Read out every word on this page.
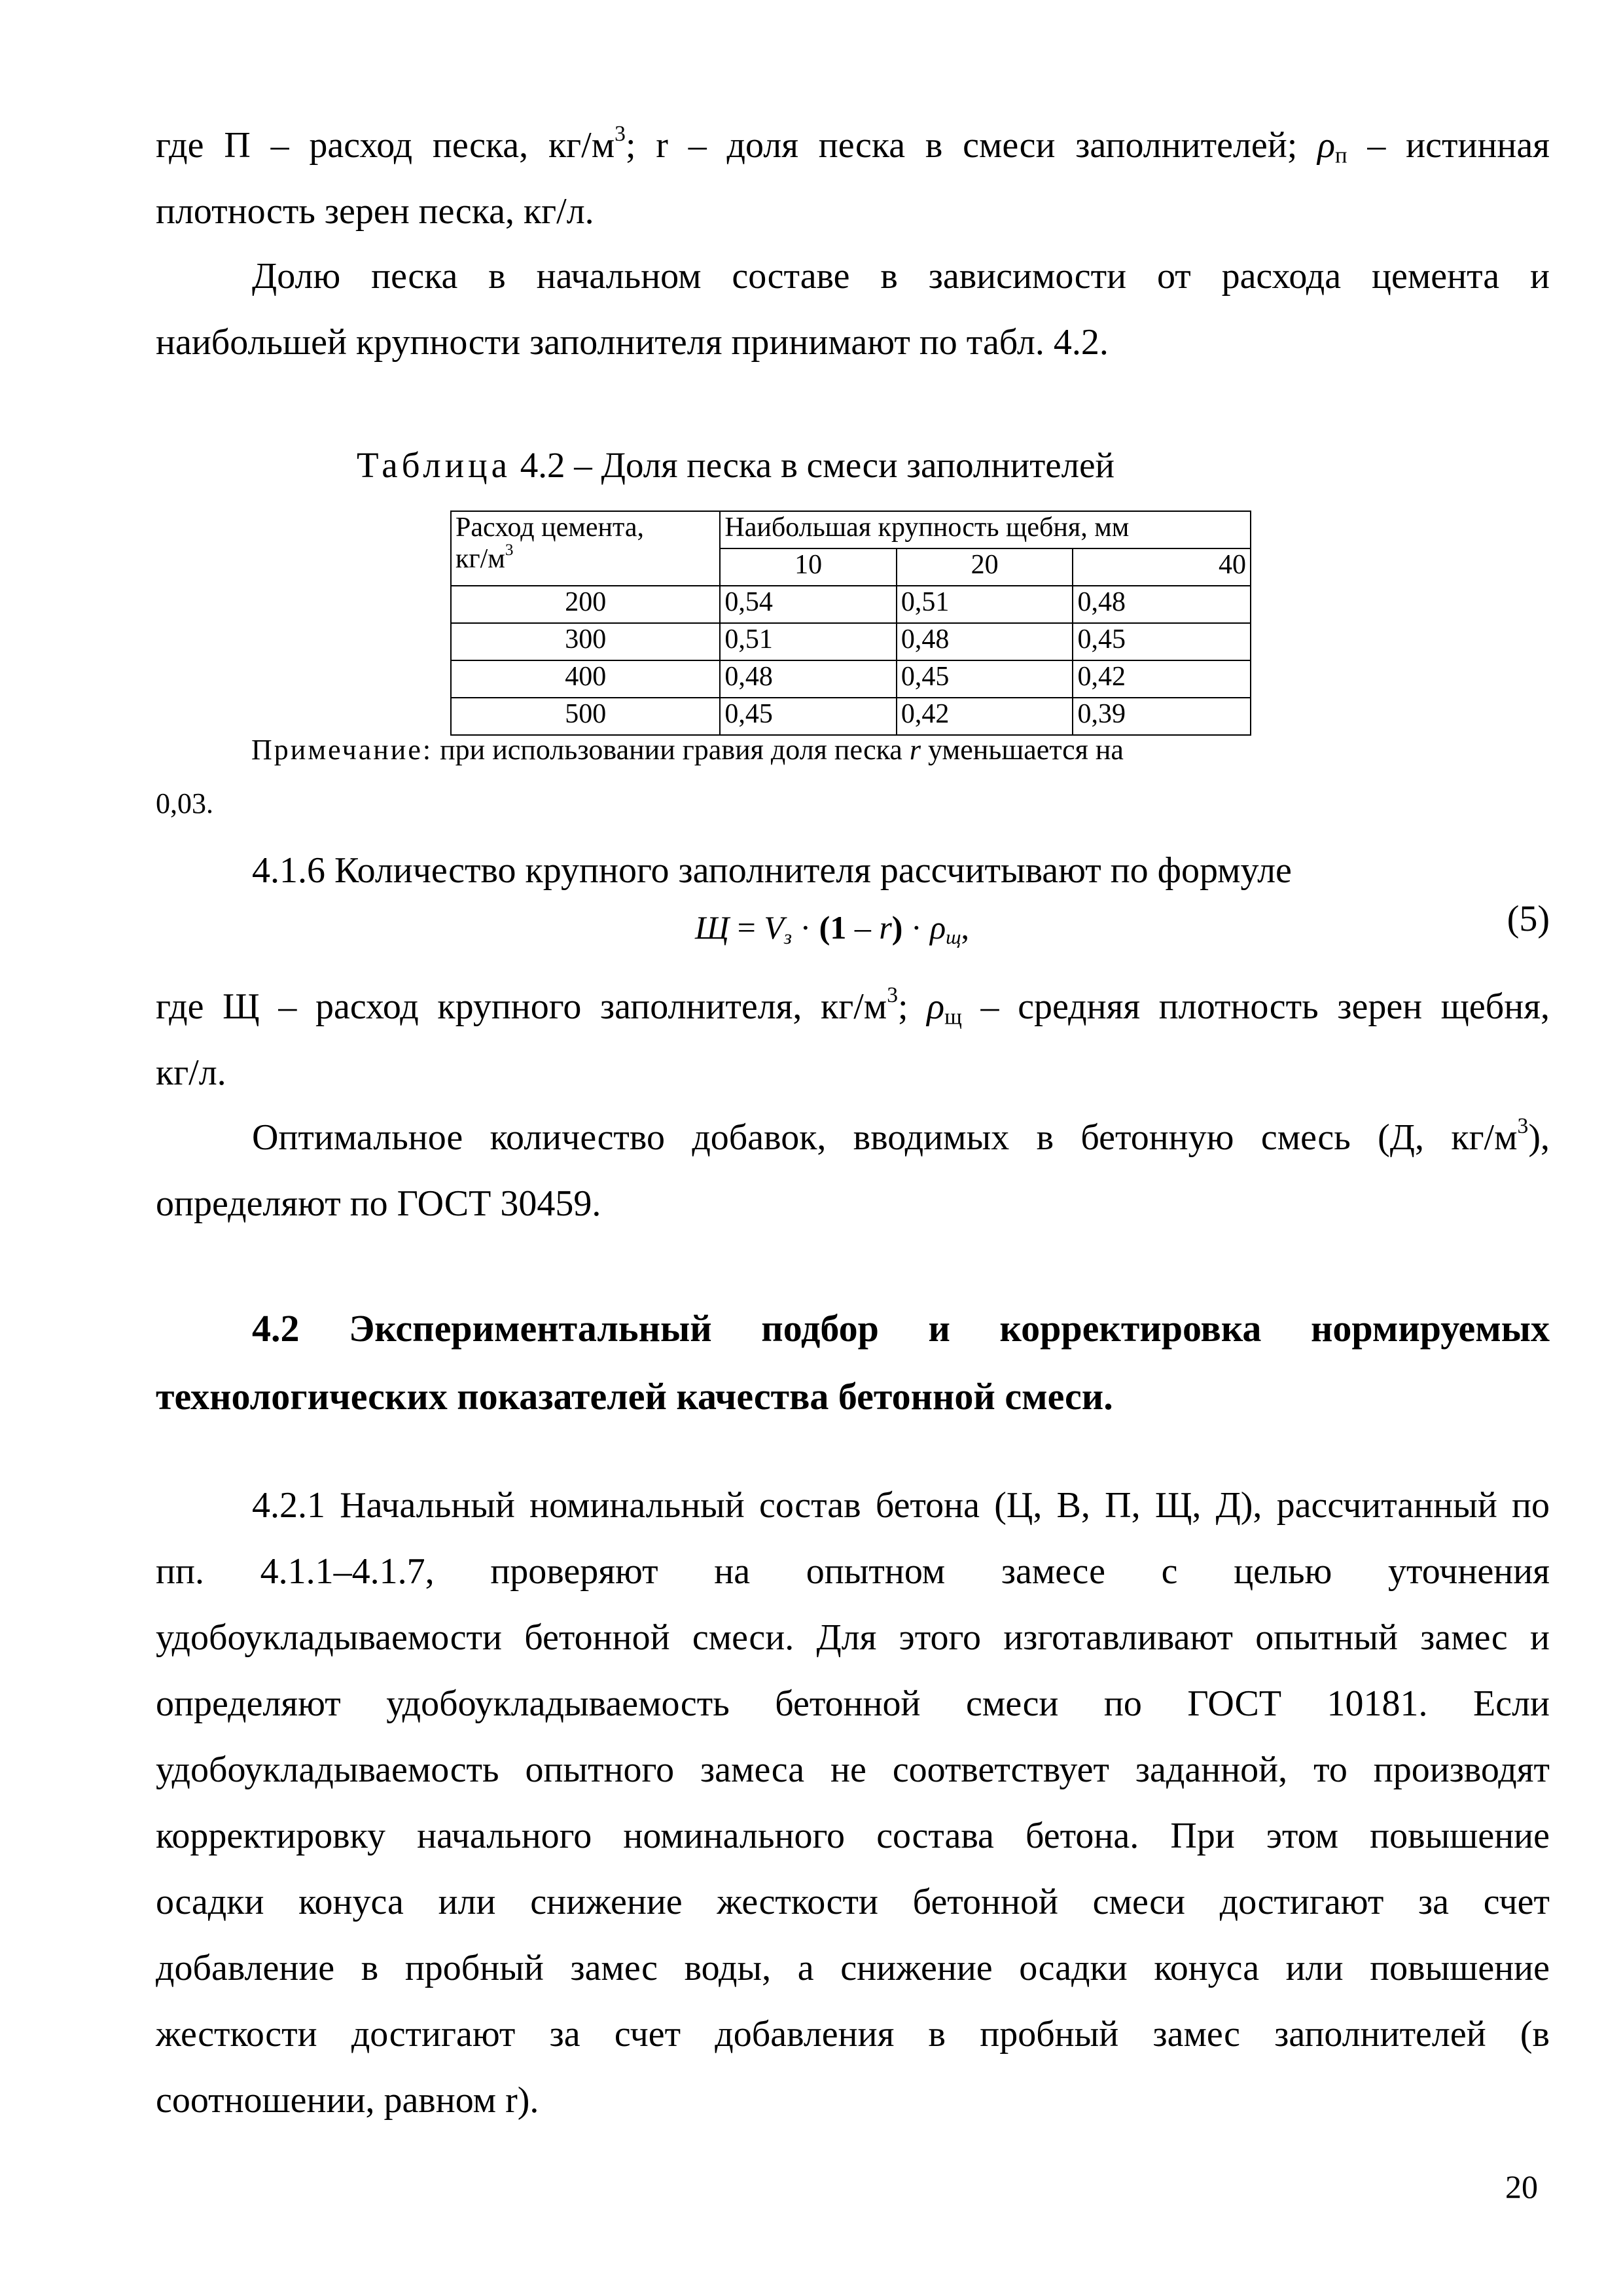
где П – расход песка, $кг/м^3$; r – доля песка в смеси заполнителей; $\rho_п$ – истинная

плотность зерен песка, кг/л.

Долю песка в начальном составе в зависимости от расхода цемента и

наибольшей крупности заполнителя принимают по табл. 4.2.

Таблица 4.2 – Доля песка в смеси заполнителей
Расход цемента,
$кг/м^3$	Наибольшая крупность щебня, мм		
	10	20	40
200	0,54	0,51	0,48
300	0,51	0,48	0,45
400	0,48	0,45	0,42
500	0,45	0,42	0,39
Примечание: при использовании гравия доля песка r уменьшается на
0,03.

4.1.6 Количество крупного заполнителя рассчитывают по формуле

$Щ = V_з \cdot (1 - r) \cdot \rho_щ$,	(5)

где Щ – расход крупного заполнителя, $кг/м^3$; $\rho_щ$ – средняя плотность зерен щебня,

кг/л.

Оптимальное количество добавок, вводимых в бетонную смесь (Д, $кг/м^3$),

определяют по ГОСТ 30459.

4.2 Экспериментальный подбор и корректировка нормируемых
технологических показателей качества бетонной смеси.

4.2.1 Начальный номинальный состав бетона (Ц, В, П, Щ, Д), рассчитанный по

пп. 4.1.1–4.1.7, проверяют на опытном замесе с целью уточнения

удобоукладываемости бетонной смеси. Для этого изготавливают опытный замес и

определяют удобоукладываемость бетонной смеси по ГОСТ 10181. Если

удобоукладываемость опытного замеса не соответствует заданной, то производят

корректировку начального номинального состава бетона. При этом повышение

осадки конуса или снижение жесткости бетонной смеси достигают за счет

добавление в пробный замес воды, а снижение осадки конуса или повышение

жесткости достигают за счет добавления в пробный замес заполнителей (в

соотношении, равном r).

20
